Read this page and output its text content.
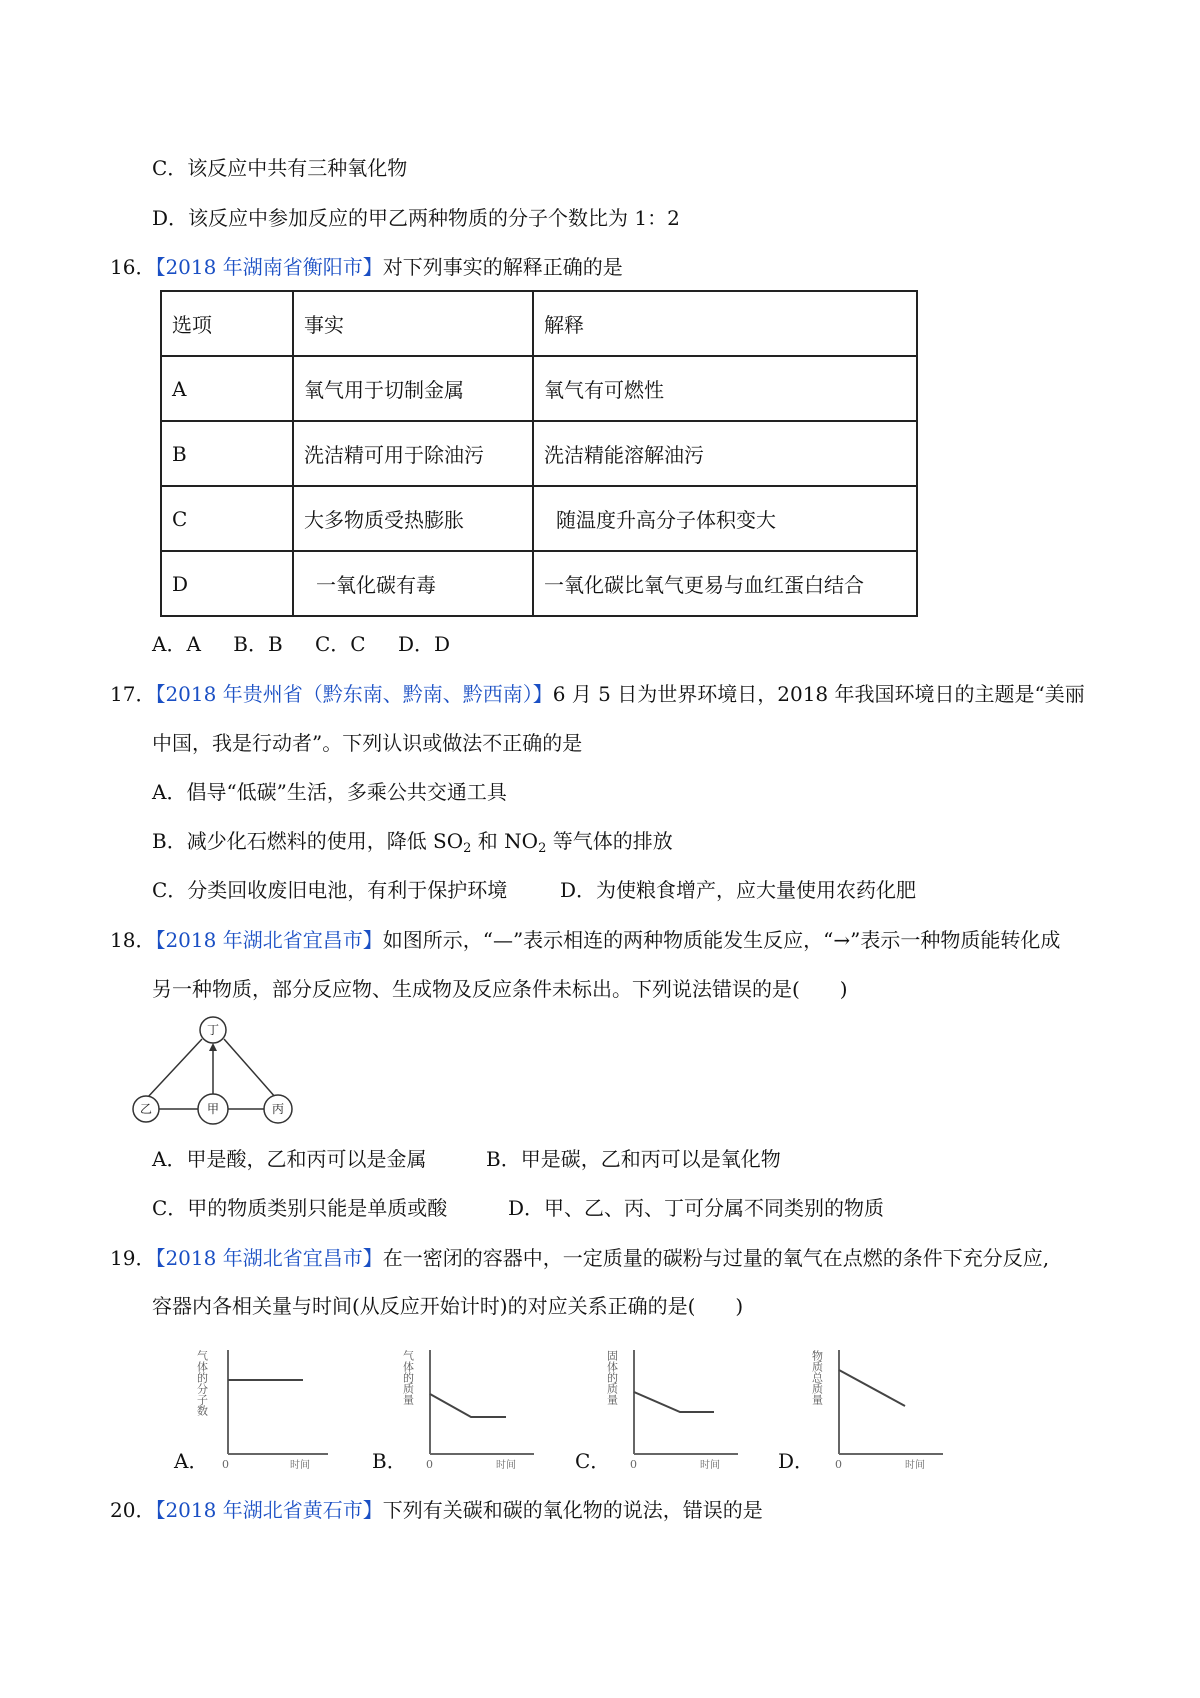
C．该反应中共有三种氧化物
D．该反应中参加反应的甲乙两种物质的分子个数比为 1：2
16．【2018 年湖南省衡阳市】对下列事实的解释正确的是
选项	事实	解释
A	氧气用于切制金属	氧气有可燃性
B	洗洁精可用于除油污	洗洁精能溶解油污
C	大多物质受热膨胀	随温度升高分子体积变大
D	一氧化碳有毒	一氧化碳比氧气更易与血红蛋白结合
A．A　 B．B　 C．C　 D．D
17．【2018 年贵州省（黔东南、黔南、黔西南）】6 月 5 日为世界环境日，2018 年我国环境日的主题是“美丽
中国，我是行动者”。下列认识或做法不正确的是
A．倡导“低碳”生活，多乘公共交通工具
B．减少化石燃料的使用，降低 $SO_2$ 和 $NO_2$ 等气体的排放
C．分类回收废旧电池，有利于保护环境	D．为使粮食增产，应大量使用农药化肥
18．【2018 年湖北省宜昌市】如图所示，“—”表示相连的两种物质能发生反应，“→”表示一种物质能转化成
另一种物质，部分反应物、生成物及反应条件未标出。下列说法错误的是(　　)
丁
乙	甲	丙
A．甲是酸，乙和丙可以是金属	B．甲是碳，乙和丙可以是氧化物
C．甲的物质类别只能是单质或酸	D．甲、乙、丙、丁可分属不同类别的物质
19．【2018 年湖北省宜昌市】在一密闭的容器中，一定质量的碳粉与过量的氧气在点燃的条件下充分反应,
容器内各相关量与时间(从反应开始计时)的对应关系正确的是(　　)
A．
气体的分子数
0	时间	B．
气体的质量
0	时间	C．
固体的质量
0	时间	D．
物质总质量
0	时间
20．【2018 年湖北省黄石市】下列有关碳和碳的氧化物的说法，错误的是
